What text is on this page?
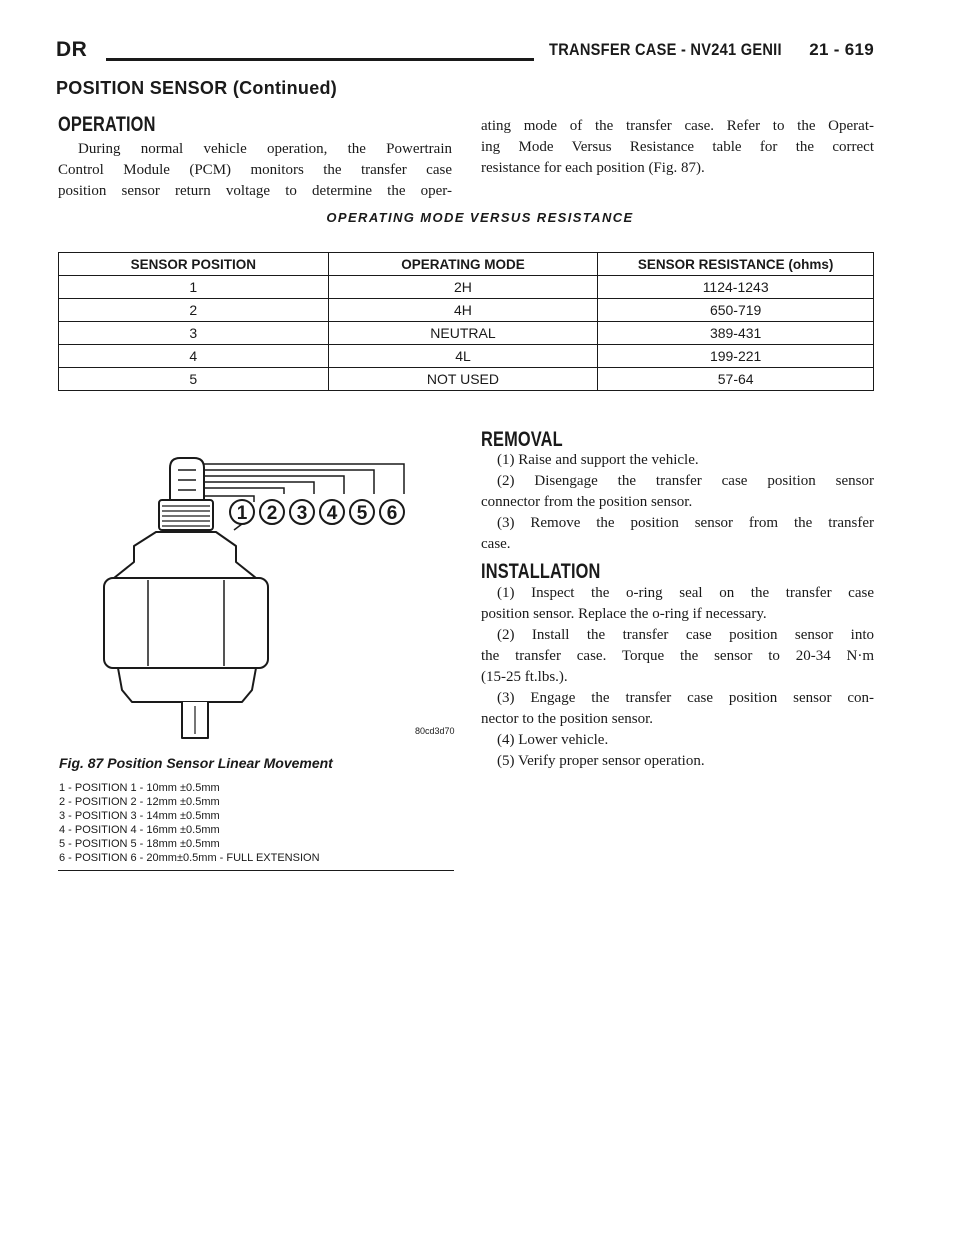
DR	TRANSFER CASE - NV241 GENII 21 - 619
POSITION SENSOR (Continued)
OPERATION
During normal vehicle operation, the Powertrain
Control Module (PCM) monitors the transfer case
position sensor return voltage to determine the oper-
ating mode of the transfer case. Refer to the Operat-
ing Mode Versus Resistance table for the correct
resistance for each position (Fig. 87).
OPERATING MODE VERSUS RESISTANCE
SENSOR POSITION	OPERATING MODE	SENSOR RESISTANCE (ohms)
1	2H	1124-1243
2	4H	650-719
3	NEUTRAL	389-431
4	4L	199-221
5	NOT USED	57-64
1 2 3 4 5 6
80cd3d70
Fig. 87 Position Sensor Linear Movement
1 - POSITION 1 - 10mm ±0.5mm
2 - POSITION 2 - 12mm ±0.5mm
3 - POSITION 3 - 14mm ±0.5mm
4 - POSITION 4 - 16mm ±0.5mm
5 - POSITION 5 - 18mm ±0.5mm
6 - POSITION 6 - 20mm±0.5mm - FULL EXTENSION
REMOVAL
(1) Raise and support the vehicle.
(2) Disengage the transfer case position sensor
connector from the position sensor.
(3) Remove the position sensor from the transfer
case.
INSTALLATION
(1) Inspect the o-ring seal on the transfer case
position sensor. Replace the o-ring if necessary.
(2) Install the transfer case position sensor into
the transfer case. Torque the sensor to 20-34 N·m
(15-25 ft.lbs.).
(3) Engage the transfer case position sensor con-
nector to the position sensor.
(4) Lower vehicle.
(5) Verify proper sensor operation.
